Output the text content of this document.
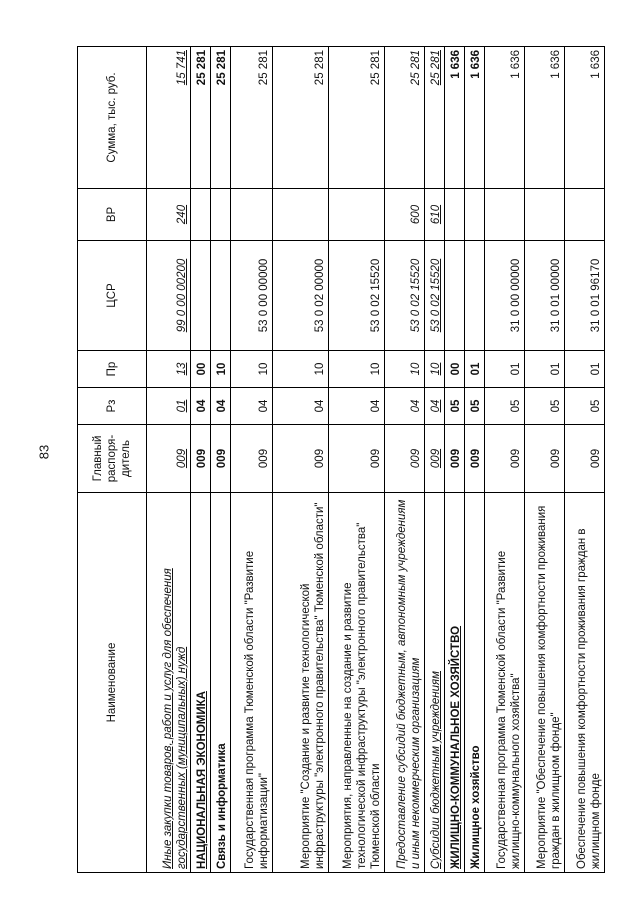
83
Наименование	Главный распоря-дитель	Рз	Пр	ЦСР	ВР	Сумма, тыс. руб.
Иные закупки товаров, работ и услуг для обеспечения государственных (муниципальных) нужд	009	01	13	99 0 00 00200	240	15 741
НАЦИОНАЛЬНАЯ ЭКОНОМИКА	009	04	00			25 281
Связь и информатика	009	04	10			25 281
Государственная программа Тюменской области "Развитие информатизации"	009	04	10	53 0 00 00000		25 281
Мероприятие "Создание и развитие технологической инфраструктуры "электронного правительства" Тюменской области"	009	04	10	53 0 02 00000		25 281
Мероприятия, направленные на создание и развитие технологической инфраструктуры "электронного правительства" Тюменской области	009	04	10	53 0 02 15520		25 281
Предоставление субсидий бюджетным, автономным учреждениям и иным некоммерческим организациям	009	04	10	53 0 02 15520	600	25 281
Субсидии бюджетным учреждениям	009	04	10	53 0 02 15520	610	25 281
ЖИЛИЩНО-КОММУНАЛЬНОЕ ХОЗЯЙСТВО	009	05	00			1 636
Жилищное хозяйство	009	05	01			1 636
Государственная программа Тюменской области "Развитие жилищно-коммунального хозяйства"	009	05	01	31 0 00 00000		1 636
Мероприятие "Обеспечение повышения комфортности проживания граждан в жилищном фонде"	009	05	01	31 0 01 00000		1 636
Обеспечение повышения комфортности проживания граждан в жилищном фонде	009	05	01	31 0 01 96170		1 636
